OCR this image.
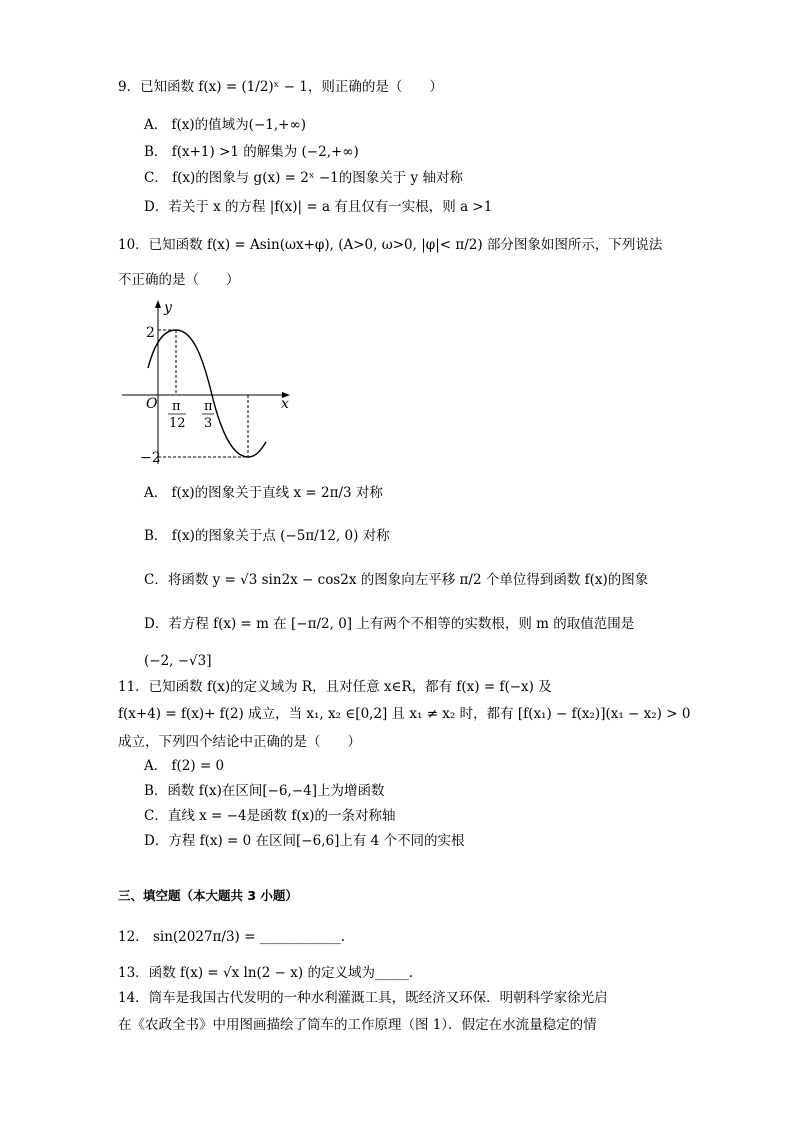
9．已知函数 f(x) = (1/2)ˣ − 1，则正确的是（　　）
A． f(x)的值域为(−1,+∞)
B． f(x+1) >1 的解集为 (−2,+∞)
C． f(x)的图象与 g(x) = 2ˣ −1的图象关于 y 轴对称
D．若关于 x 的方程 |f(x)| = a 有且仅有一实根，则 a >1
10．已知函数 f(x) = Asin(ωx+φ), (A>0, ω>0, |φ|< π/2) 部分图象如图所示，下列说法
不正确的是（　　）
y
x
O
2
−2
π
12
π
3
A． f(x)的图象关于直线 x = 2π/3 对称
B． f(x)的图象关于点 (−5π/12, 0) 对称
C．将函数 y = √3 sin2x − cos2x 的图象向左平移 π/2 个单位得到函数 f(x)的图象
D．若方程 f(x) = m 在 [−π/2, 0] 上有两个不相等的实数根，则 m 的取值范围是
(−2, −√3]
11．已知函数 f(x)的定义域为 R，且对任意 x∈R，都有 f(x) = f(−x) 及
f(x+4) = f(x)+ f(2) 成立，当 x₁, x₂ ∈[0,2] 且 x₁ ≠ x₂ 时，都有 [f(x₁) − f(x₂)](x₁ − x₂) > 0
成立，下列四个结论中正确的是（　　）
A． f(2) = 0
B．函数 f(x)在区间[−6,−4]上为增函数
C．直线 x = −4是函数 f(x)的一条对称轴
D．方程 f(x) = 0 在区间[−6,6]上有 4 个不同的实根
三、填空题（本大题共 3 小题）
12． sin(2027π/3) = ____________.
13．函数 f(x) = √x ln(2 − x) 的定义域为_____.
14．筒车是我国古代发明的一种水利灌溉工具，既经济又环保．明朝科学家徐光启
在《农政全书》中用图画描绘了筒车的工作原理（图 1）．假定在水流量稳定的情
